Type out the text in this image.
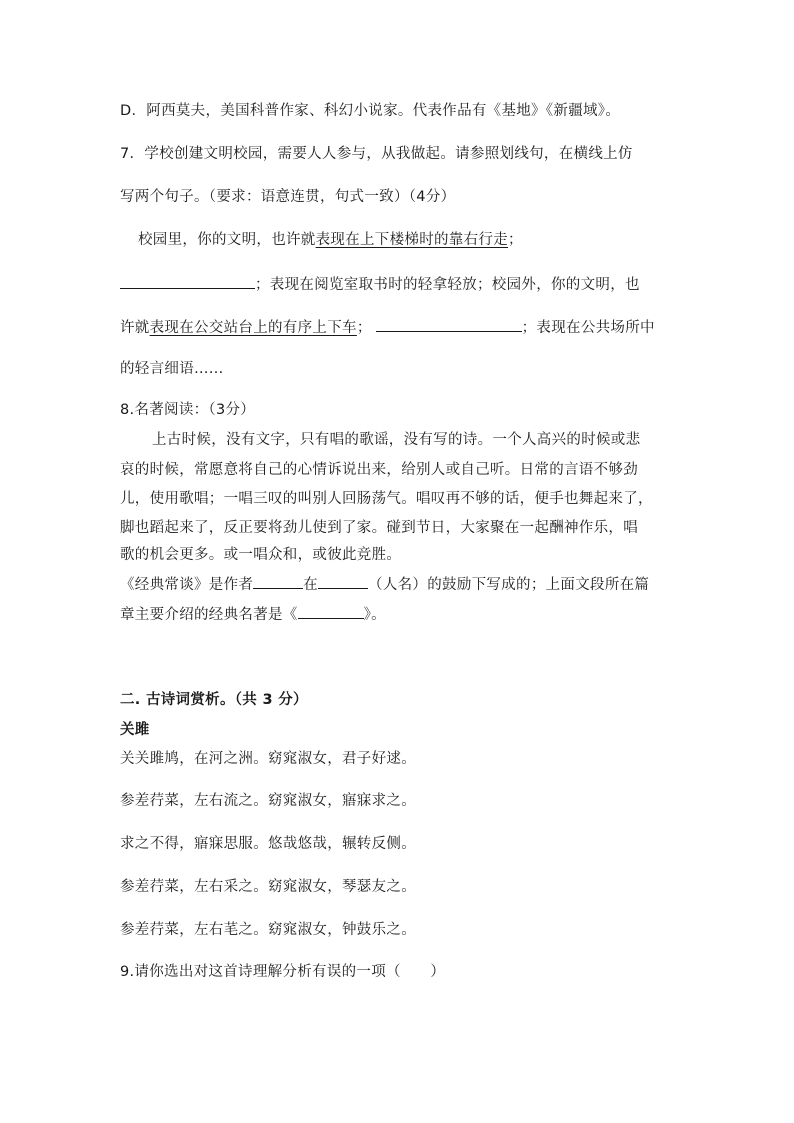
D．阿西莫夫，美国科普作家、科幻小说家。代表作品有《基地》《新疆域》。
7．学校创建文明校园，需要人人参与，从我做起。请参照划线句，在横线上仿
写两个句子。（要求：语意连贯，句式一致）（4分）
校园里，你的文明，也许就表现在上下楼梯时的靠右行走；
；表现在阅览室取书时的轻拿轻放；校园外，你的文明，也
许就表现在公交站台上的有序上下车；	；表现在公共场所中
的轻言细语……
8.名著阅读：（3分）
上古时候，没有文字，只有唱的歌谣，没有写的诗。一个人高兴的时候或悲
哀的时候，常愿意将自己的心情诉说出来，给别人或自己听。日常的言语不够劲
儿，使用歌唱；一唱三叹的叫别人回肠荡气。唱叹再不够的话，便手也舞起来了，
脚也蹈起来了，反正要将劲儿使到了家。碰到节日，大家聚在一起酬神作乐，唱
歌的机会更多。或一唱众和，或彼此竞胜。
《经典常谈》是作者	在	（人名）的鼓励下写成的；上面文段所在篇
章主要介绍的经典名著是《	》。
二. 古诗词赏析。（共 3 分）
关雎
关关雎鸠，在河之洲。窈窕淑女，君子好逑。
参差荇菜，左右流之。窈窕淑女，寤寐求之。
求之不得，寤寐思服。悠哉悠哉，辗转反侧。
参差荇菜，左右采之。窈窕淑女，琴瑟友之。
参差荇菜，左右芼之。窈窕淑女，钟鼓乐之。
9.请你选出对这首诗理解分析有误的一项（　　）
